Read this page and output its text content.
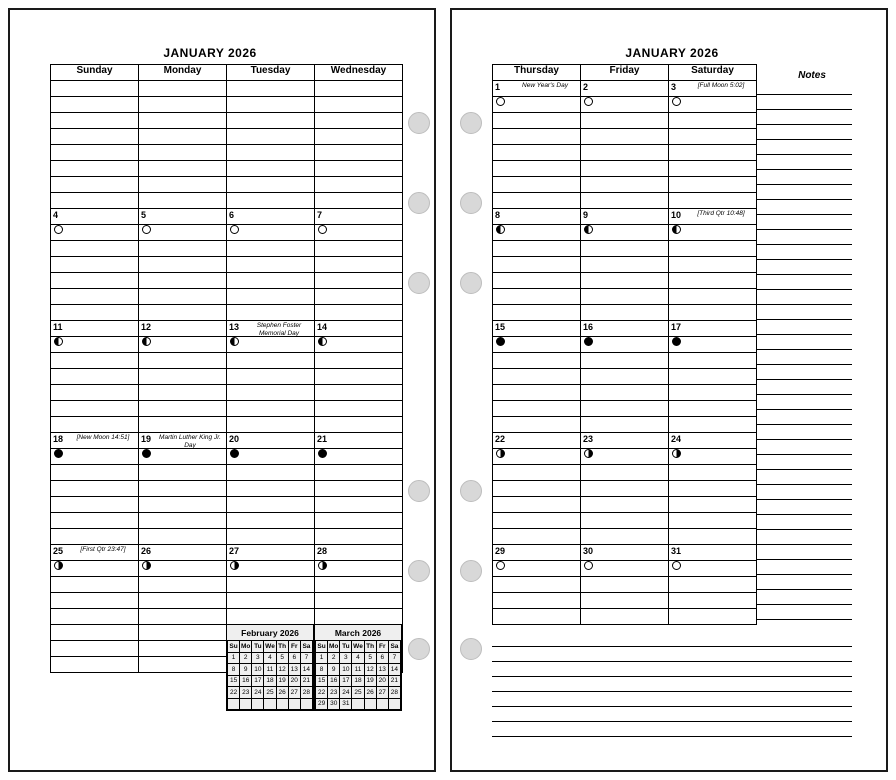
JANUARY 2026
Sunday	Monday	Tuesday	Wednesday

4	5	6	7

11	12	13 Stephen Foster Memorial Day	14

18 [New Moon 14:51]	19 Martin Luther King Jr. Day	20	21

25 [First Qtr 23:47]	26	27	28

February 2026
Su	Mo	Tu	We	Th	Fr	Sa
1	2	3	4	5	6	7
8	9	10	11	12	13	14
15	16	17	18	19	20	21
22	23	24	25	26	27	28

March 2026
Su	Mo	Tu	We	Th	Fr	Sa
1	2	3	4	5	6	7
8	9	10	11	12	13	14
15	16	17	18	19	20	21
22	23	24	25	26	27	28
29	30	31				
JANUARY 2026
Notes
Thursday	Friday	Saturday

1 New Year's Day	2	3 [Full Moon 5:02]

8	9	10 [Third Qtr 10:48]

15	16	17

22	23	24

29	30	31
